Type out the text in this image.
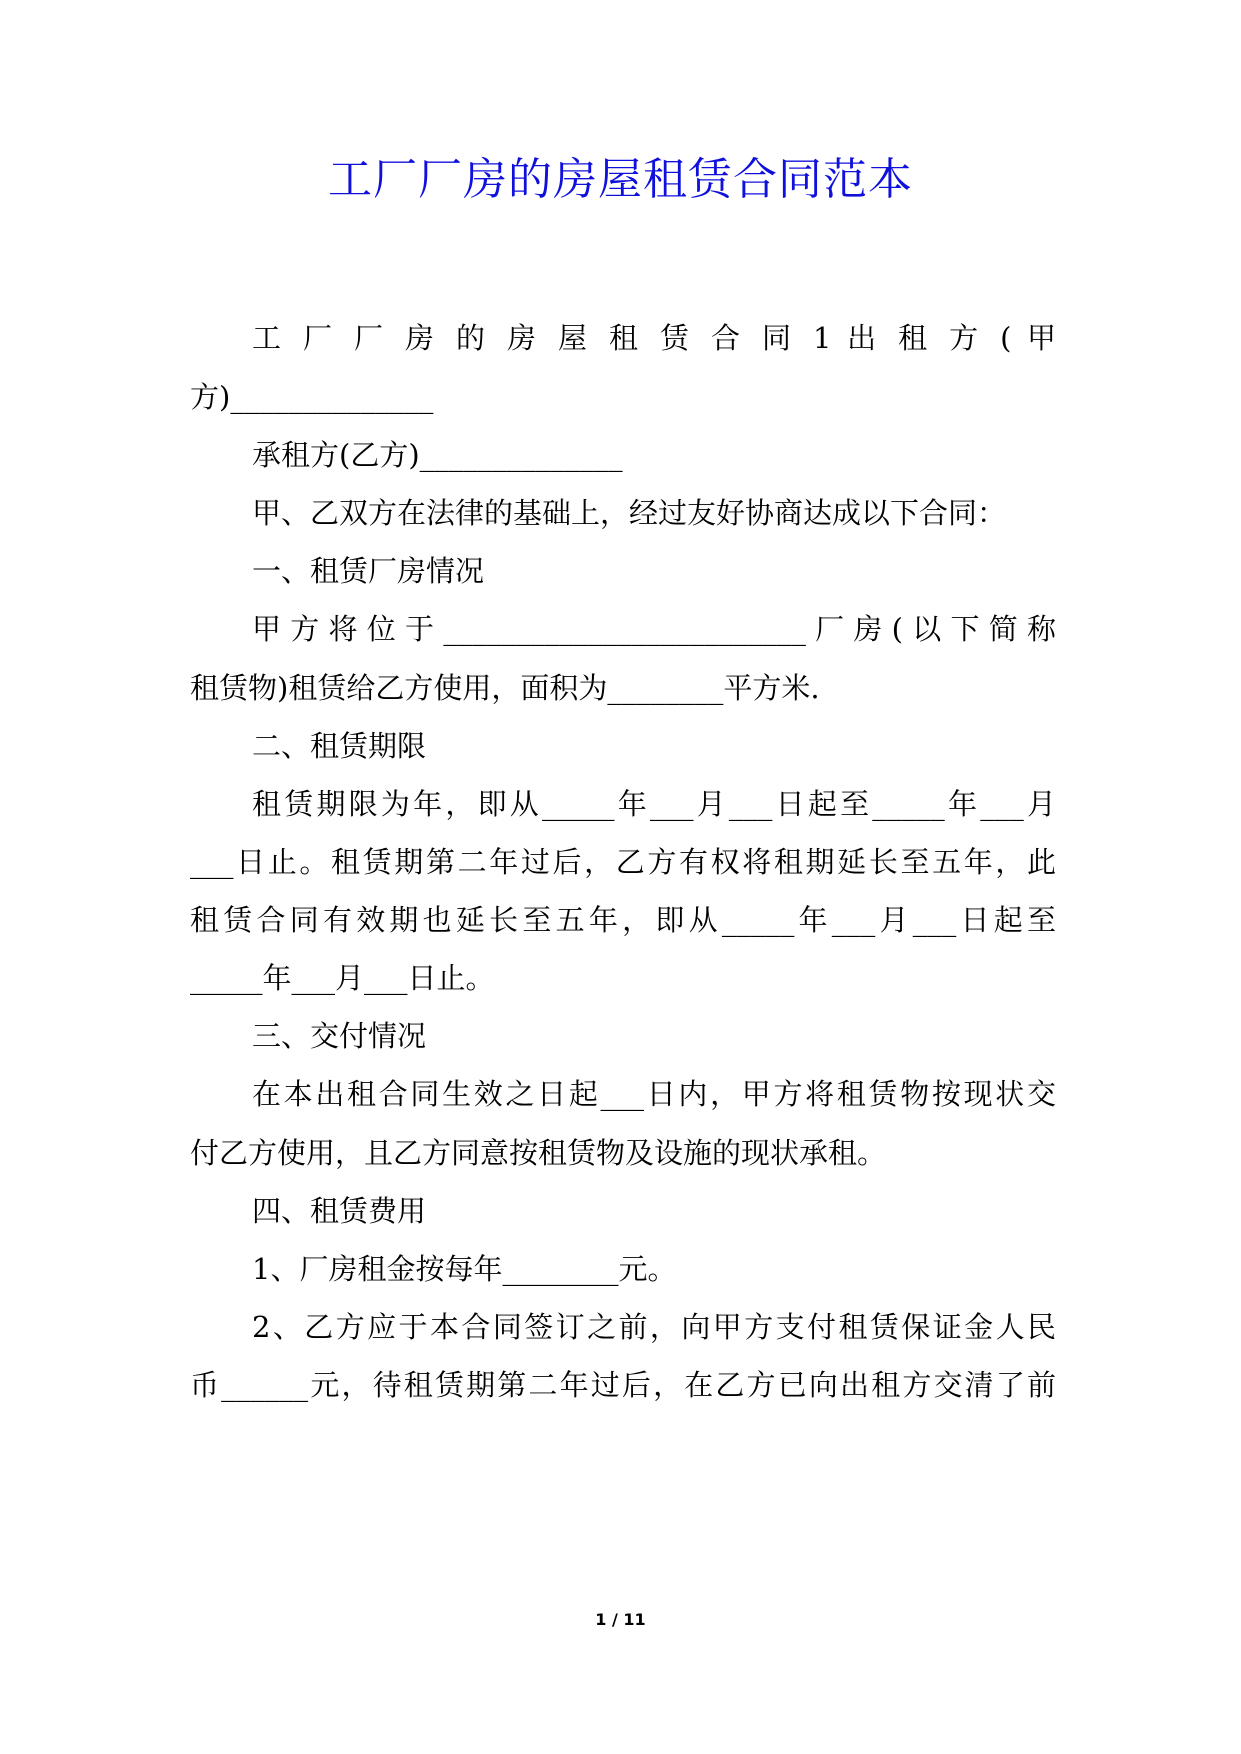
工厂厂房的房屋租赁合同范本
工 厂 厂 房 的 房 屋 租 赁 合 同 1 出 租 方 ( 甲
方)______________
承租方(乙方)______________
甲、乙双方在法律的基础上，经过友好协商达成以下合同：
一、租赁厂房情况
甲方将位于_________________________厂房(以下简称
租赁物)租赁给乙方使用，面积为________平方米.
二、租赁期限
租赁期限为年，即从_____年___月___日起至_____年___月
___日止。租赁期第二年过后，乙方有权将租期延长至五年，此
租赁合同有效期也延长至五年，即从_____年___月___日起至
_____年___月___日止。
三、交付情况
在本出租合同生效之日起___日内，甲方将租赁物按现状交
付乙方使用，且乙方同意按租赁物及设施的现状承租。
四、租赁费用
1、厂房租金按每年________元。
2、乙方应于本合同签订之前，向甲方支付租赁保证金人民
币______元，待租赁期第二年过后，在乙方已向出租方交清了前
1 / 11
